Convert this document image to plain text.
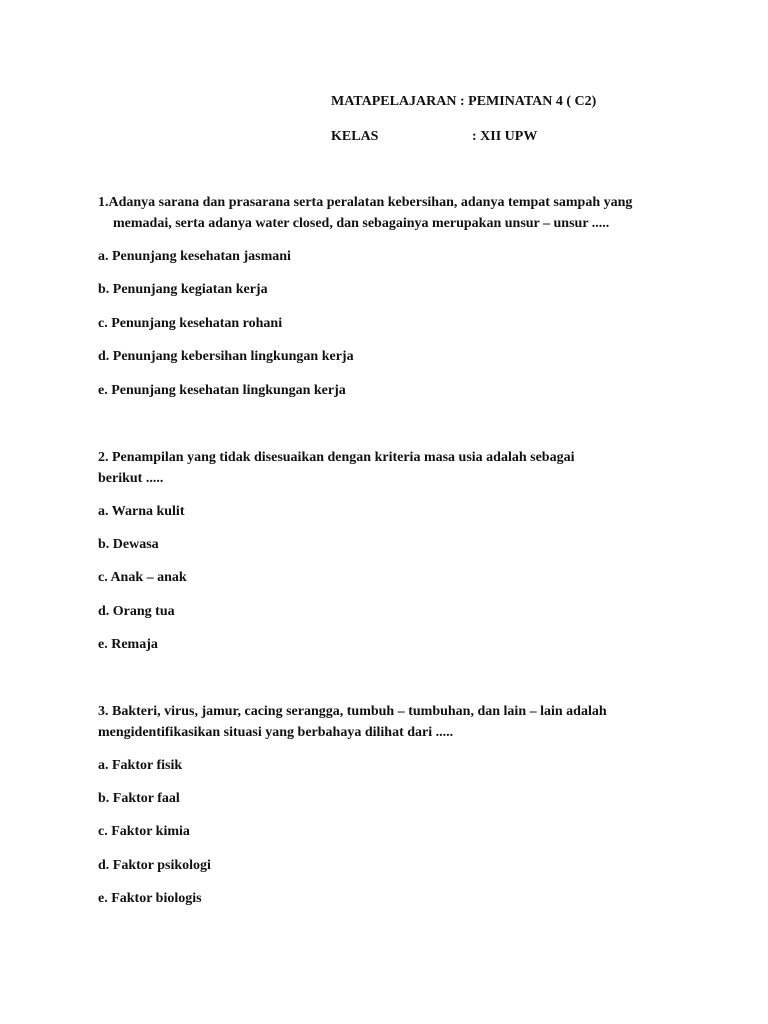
MATAPELAJARAN : PEMINATAN 4 ( C2)
KELAS	: XII UPW
1.Adanya sarana dan prasarana serta peralatan kebersihan, adanya tempat sampah yang
memadai, serta adanya water closed, dan sebagainya merupakan unsur – unsur .....
a. Penunjang kesehatan jasmani
b. Penunjang kegiatan kerja
c. Penunjang kesehatan rohani
d. Penunjang kebersihan lingkungan kerja
e. Penunjang kesehatan lingkungan kerja
2. Penampilan yang tidak disesuaikan dengan kriteria masa usia adalah sebagai
berikut .....
a. Warna kulit
b. Dewasa
c. Anak – anak
d. Orang tua
e. Remaja
3. Bakteri, virus, jamur, cacing serangga, tumbuh – tumbuhan, dan lain – lain adalah
mengidentifikasikan situasi yang berbahaya dilihat dari .....
a. Faktor fisik
b. Faktor faal
c. Faktor kimia
d. Faktor psikologi
e. Faktor biologis
